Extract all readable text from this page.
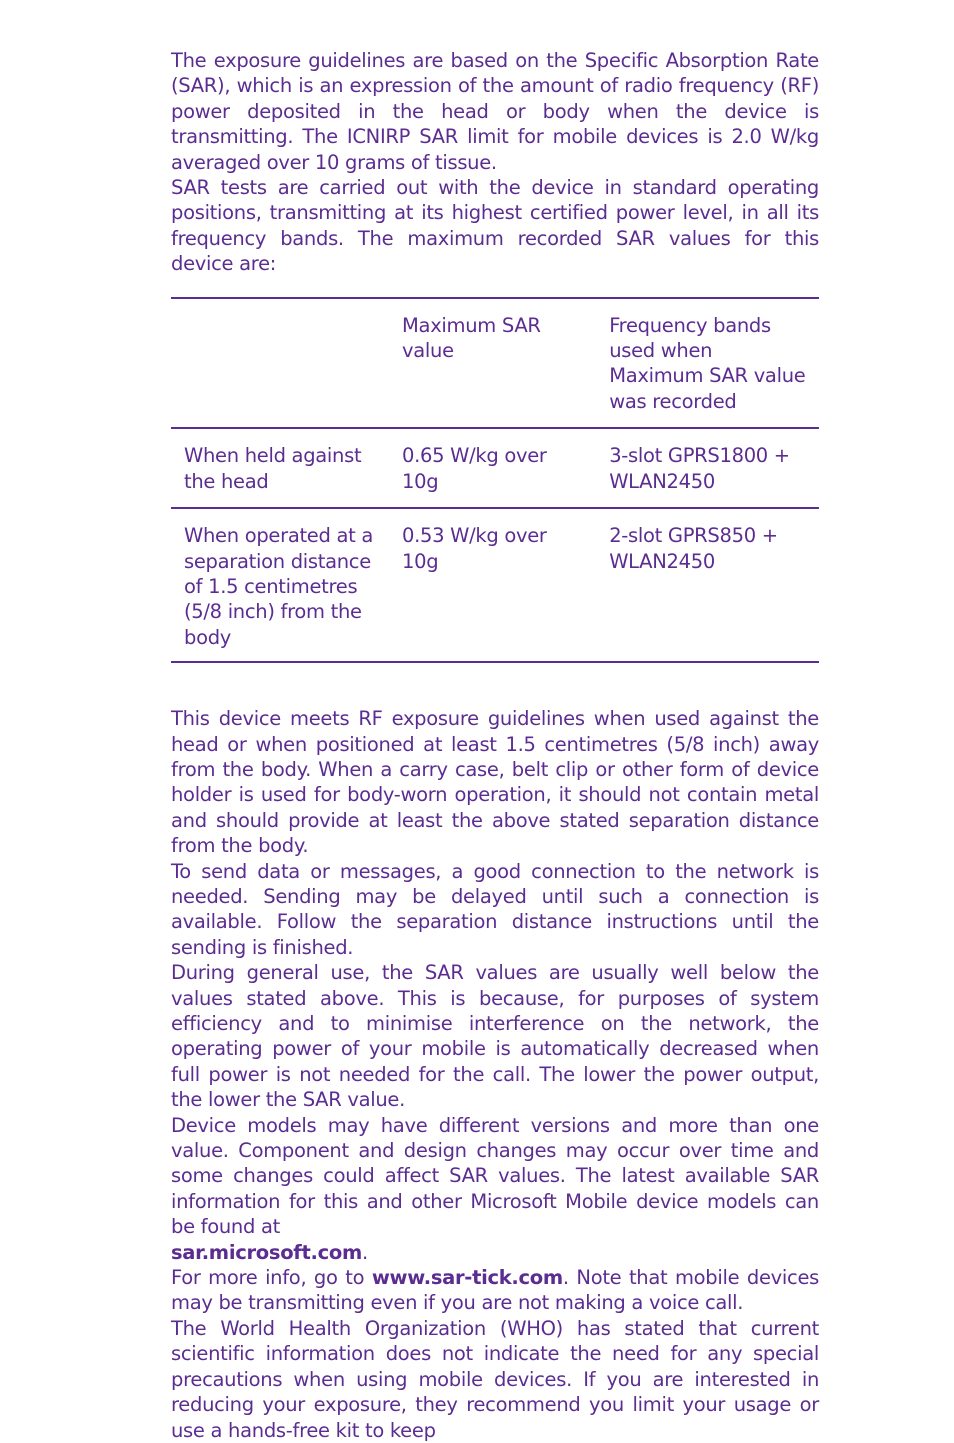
The exposure guidelines are based on the Specific Absorption Rate (SAR), which is an expression of the amount of radio frequency (RF) power deposited in the head or body when the device is transmitting. The ICNIRP SAR limit for mobile devices is 2.0 W/kg averaged over 10 grams of tissue.

SAR tests are carried out with the device in standard operating positions, transmitting at its highest certified power level, in all its frequency bands. The maximum recorded SAR values for this device are:

	Maximum SAR value	Frequency bands used when Maximum SAR value was recorded
When held against the head	0.65 W/kg over 10g	3-slot GPRS1800 + WLAN2450
When operated at a separation distance of 1.5 centimetres (5/8 inch) from the body	0.53 W/kg over 10g	2-slot GPRS850 + WLAN2450

This device meets RF exposure guidelines when used against the head or when positioned at least 1.5 centimetres (5/8 inch) away from the body. When a carry case, belt clip or other form of device holder is used for body-worn operation, it should not contain metal and should provide at least the above stated separation distance from the body.

To send data or messages, a good connection to the network is needed. Sending may be delayed until such a connection is available. Follow the separation distance instructions until the sending is finished.

During general use, the SAR values are usually well below the values stated above. This is because, for purposes of system efficiency and to minimise interference on the network, the operating power of your mobile is automatically decreased when full power is not needed for the call. The lower the power output, the lower the SAR value.

Device models may have different versions and more than one value. Component and design changes may occur over time and some changes could affect SAR values. The latest available SAR information for this and other Microsoft Mobile device models can be found at
sar.microsoft.com.

For more info, go to www.sar-tick.com. Note that mobile devices may be transmitting even if you are not making a voice call.

The World Health Organization (WHO) has stated that current scientific information does not indicate the need for any special precautions when using mobile devices. If you are interested in reducing your exposure, they recommend you limit your usage or use a hands-free kit to keep
